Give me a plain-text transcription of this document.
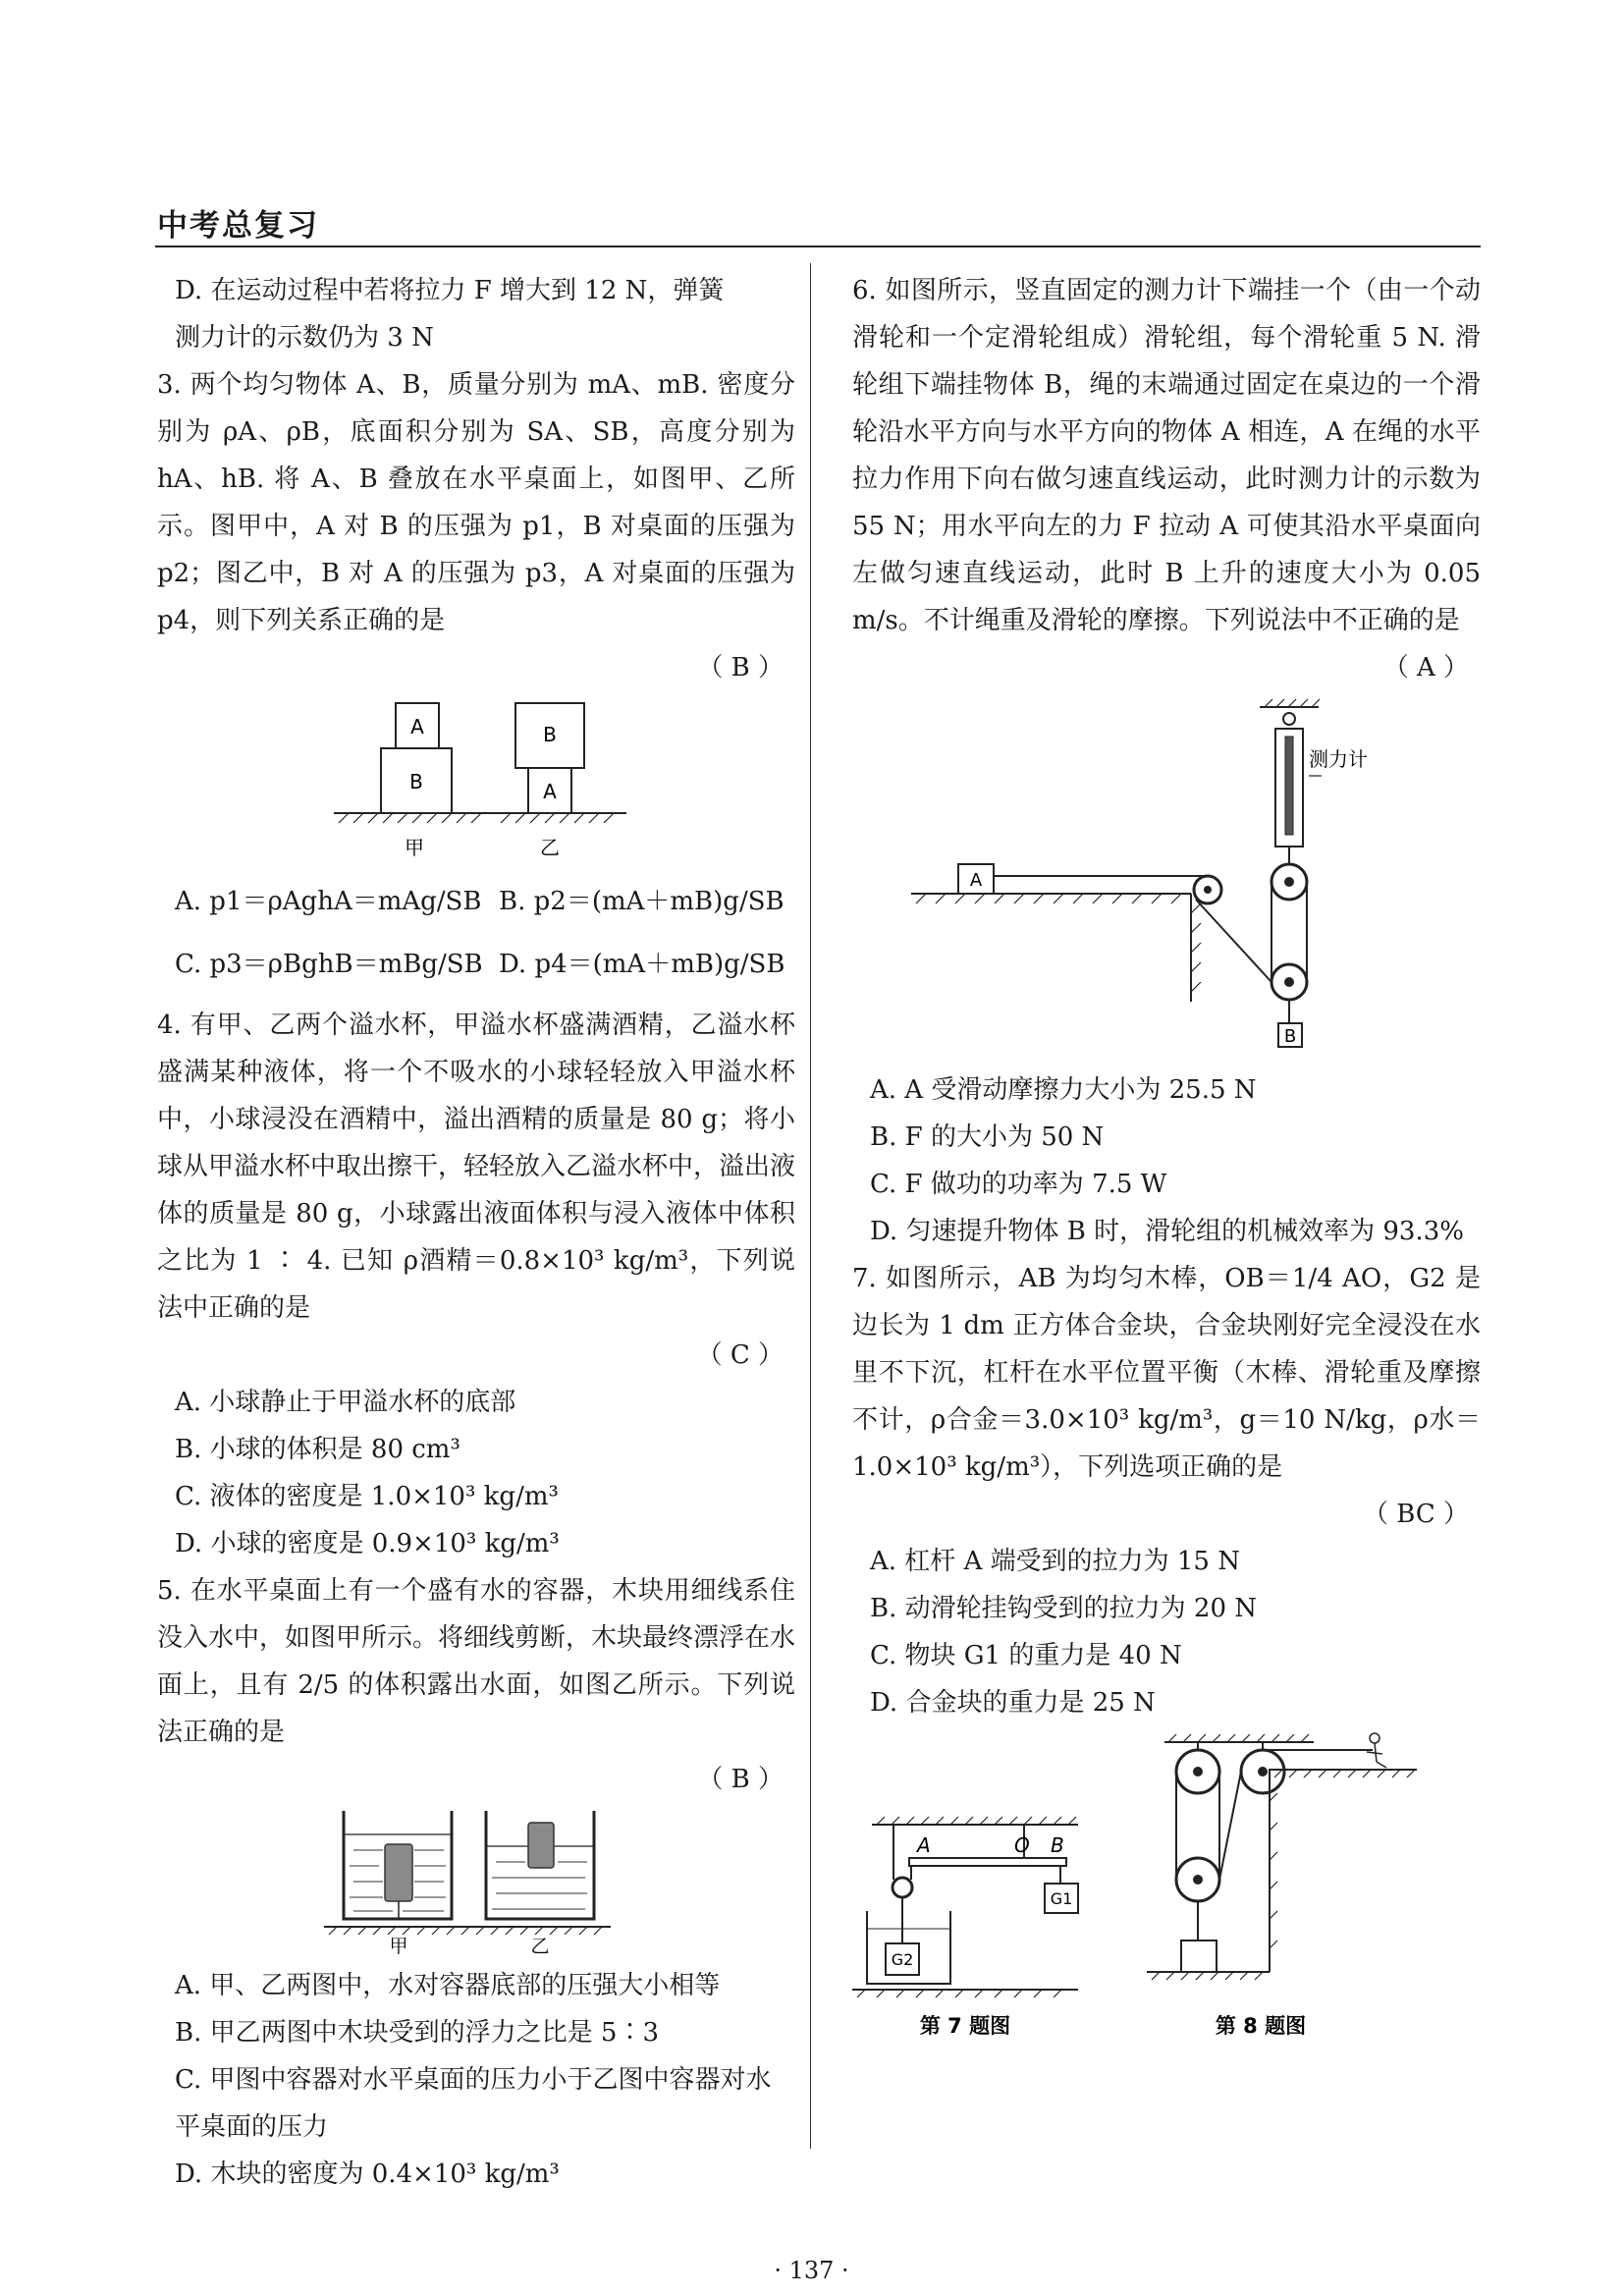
中考总复习

D. 在运动过程中若将拉力 F 增大到 12 N，弹簧

测力计的示数仍为 3 N

3. 两个均匀物体 A、B，质量分别为 mA、mB. 密度分别为 ρA、ρB，底面积分别为 SA、SB，高度分别为 hA、hB. 将 A、B 叠放在水平桌面上，如图甲、乙所示。图甲中，A 对 B 的压强为 p1，B 对桌面的压强为 p2；图乙中，B 对 A 的压强为 p3，A 对桌面的压强为 p4，则下列关系正确的是

（ B ）

A
B
甲
B
A
乙
A. p1＝ρAghA＝mAg/SB B. p2＝(mA＋mB)g/SB
C. p3＝ρBghB＝mBg/SB D. p4＝(mA＋mB)g/SB

4. 有甲、乙两个溢水杯，甲溢水杯盛满酒精，乙溢水杯盛满某种液体，将一个不吸水的小球轻轻放入甲溢水杯中，小球浸没在酒精中，溢出酒精的质量是 80 g；将小球从甲溢水杯中取出擦干，轻轻放入乙溢水杯中，溢出液体的质量是 80 g，小球露出液面体积与浸入液体中体积之比为 1 ∶ 4. 已知 ρ酒精＝0.8×10³ kg/m³，下列说法中正确的是

（ C ）

A. 小球静止于甲溢水杯的底部

B. 小球的体积是 80 cm³

C. 液体的密度是 1.0×10³ kg/m³

D. 小球的密度是 0.9×10³ kg/m³

5. 在水平桌面上有一个盛有水的容器，木块用细线系住没入水中，如图甲所示。将细线剪断，木块最终漂浮在水面上，且有 2/5 的体积露出水面，如图乙所示。下列说法正确的是

（ B ）

甲	乙

A. 甲、乙两图中，水对容器底部的压强大小相等

B. 甲乙两图中木块受到的浮力之比是 5∶3

C. 甲图中容器对水平桌面的压力小于乙图中容器对水平桌面的压力

D. 木块的密度为 0.4×10³ kg/m³

6. 如图所示，竖直固定的测力计下端挂一个（由一个动滑轮和一个定滑轮组成）滑轮组，每个滑轮重 5 N. 滑轮组下端挂物体 B，绳的末端通过固定在桌边的一个滑轮沿水平方向与水平方向的物体 A 相连，A 在绳的水平拉力作用下向右做匀速直线运动，此时测力计的示数为 55 N；用水平向左的力 F 拉动 A 可使其沿水平桌面向左做匀速直线运动，此时 B 上升的速度大小为 0.05 m/s。不计绳重及滑轮的摩擦。下列说法中不正确的是

（ A ）

测力计
A
B

A. A 受滑动摩擦力大小为 25.5 N

B. F 的大小为 50 N

C. F 做功的功率为 7.5 W

D. 匀速提升物体 B 时，滑轮组的机械效率为 93.3%

7. 如图所示，AB 为均匀木棒，OB＝1/4 AO，G2 是边长为 1 dm 正方体合金块，合金块刚好完全浸没在水里不下沉，杠杆在水平位置平衡（木棒、滑轮重及摩擦不计，ρ合金＝3.0×10³ kg/m³，g＝10 N/kg，ρ水＝1.0×10³ kg/m³），下列选项正确的是

（ BC ）

A. 杠杆 A 端受到的拉力为 15 N

B. 动滑轮挂钩受到的拉力为 20 N

C. 物块 G1 的重力是 40 N

D. 合金块的重力是 25 N

A	O B
G1
G2
第 7 题图	第 8 题图
· 137 ·
